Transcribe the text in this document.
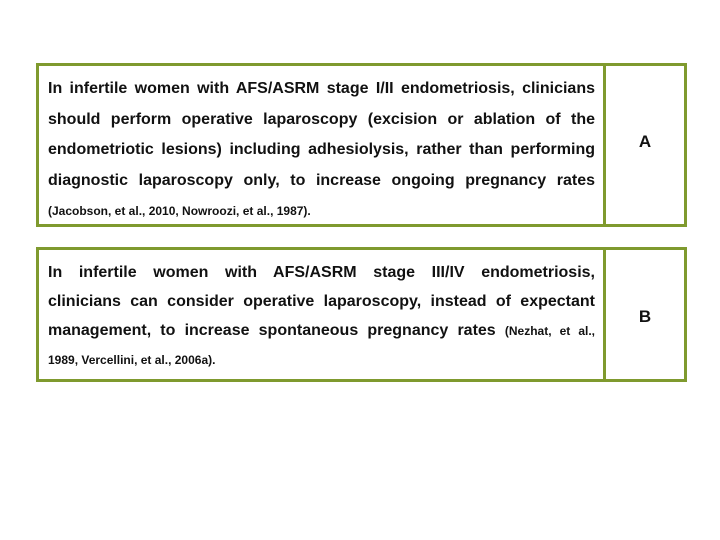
In infertile women with AFS/ASRM stage I/II endometriosis, clinicians
should perform operative laparoscopy (excision or ablation of the
endometriotic lesions) including adhesiolysis, rather than performing
diagnostic laparoscopy only, to increase ongoing pregnancy rates
(Jacobson, et al., 2010, Nowroozi, et al., 1987).
A
In infertile women with AFS/ASRM stage III/IV endometriosis,
clinicians can consider operative laparoscopy, instead of expectant
management, to increase spontaneous pregnancy rates (Nezhat, et al.,
1989, Vercellini, et al., 2006a).
B
